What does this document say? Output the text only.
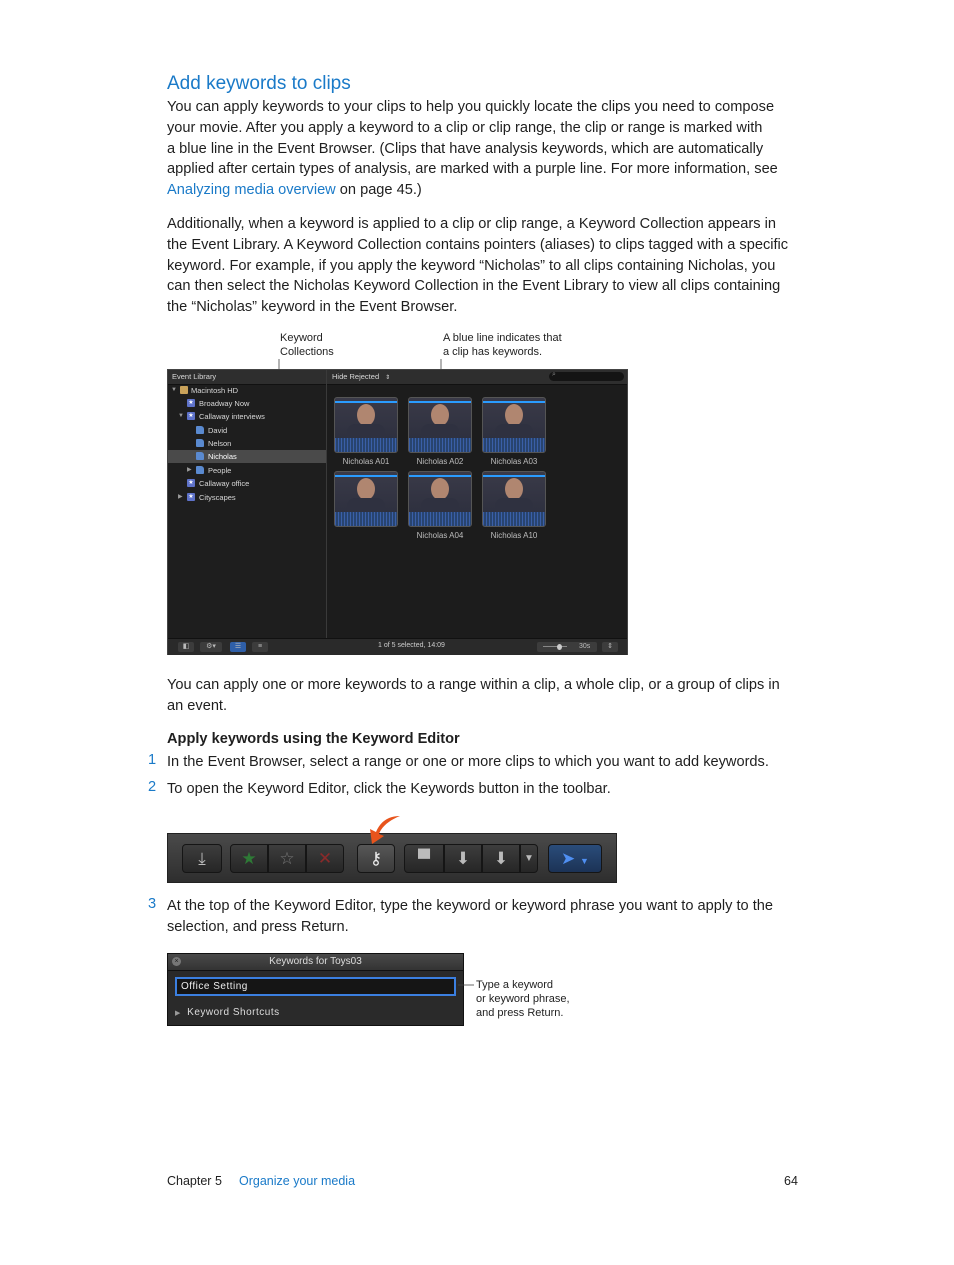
Add keywords to clips

You can apply keywords to your clips to help you quickly locate the clips you need to compose
your movie. After you apply a keyword to a clip or clip range, the clip or range is marked with
a blue line in the Event Browser. (Clips that have analysis keywords, which are automatically
applied after certain types of analysis, are marked with a purple line. For more information, see
Analyzing media overview on page 45.)

Additionally, when a keyword is applied to a clip or clip range, a Keyword Collection appears in
the Event Library. A Keyword Collection contains pointers (aliases) to clips tagged with a specific
keyword. For example, if you apply the keyword “Nicholas” to all clips containing Nicholas, you
can then select the Nicholas Keyword Collection in the Event Library to view all clips containing
the “Nicholas” keyword in the Event Browser.

Keyword
Collections
A blue line indicates that
a clip has keywords.
Event Library
▼ Macintosh HD
★ Broadway Now
▼ ★ Callaway interviews
David
Nelson
Nicholas
▶ People
★ Callaway office
▶ ★ Cityscapes
Hide Rejected ⇕	⌕
Nicholas A01	Nicholas A02	Nicholas A03
Nicholas A04	Nicholas A10
◧	⚙▾	☰	≡	1 of 5 selected, 14:09	30s	⇕

You can apply one or more keywords to a range within a clip, a whole clip, or a group of clips in
an event.

Apply keywords using the Keyword Editor
1 In the Event Browser, select a range or one or more clips to which you want to add keywords.
2 To open the Keyword Editor, click the Keywords button in the toolbar.
⤓	★	☆	✕	⚷	▀	⬇	⬇	▼	➤ ▼
3 At the top of the Keyword Editor, type the keyword or keyword phrase you want to apply to the
selection, and press Return.
×	Keywords for Toys03
Office Setting
▶ Keyword Shortcuts
Type a keyword
or keyword phrase,
and press Return.
Chapter 5 Organize your media	64
